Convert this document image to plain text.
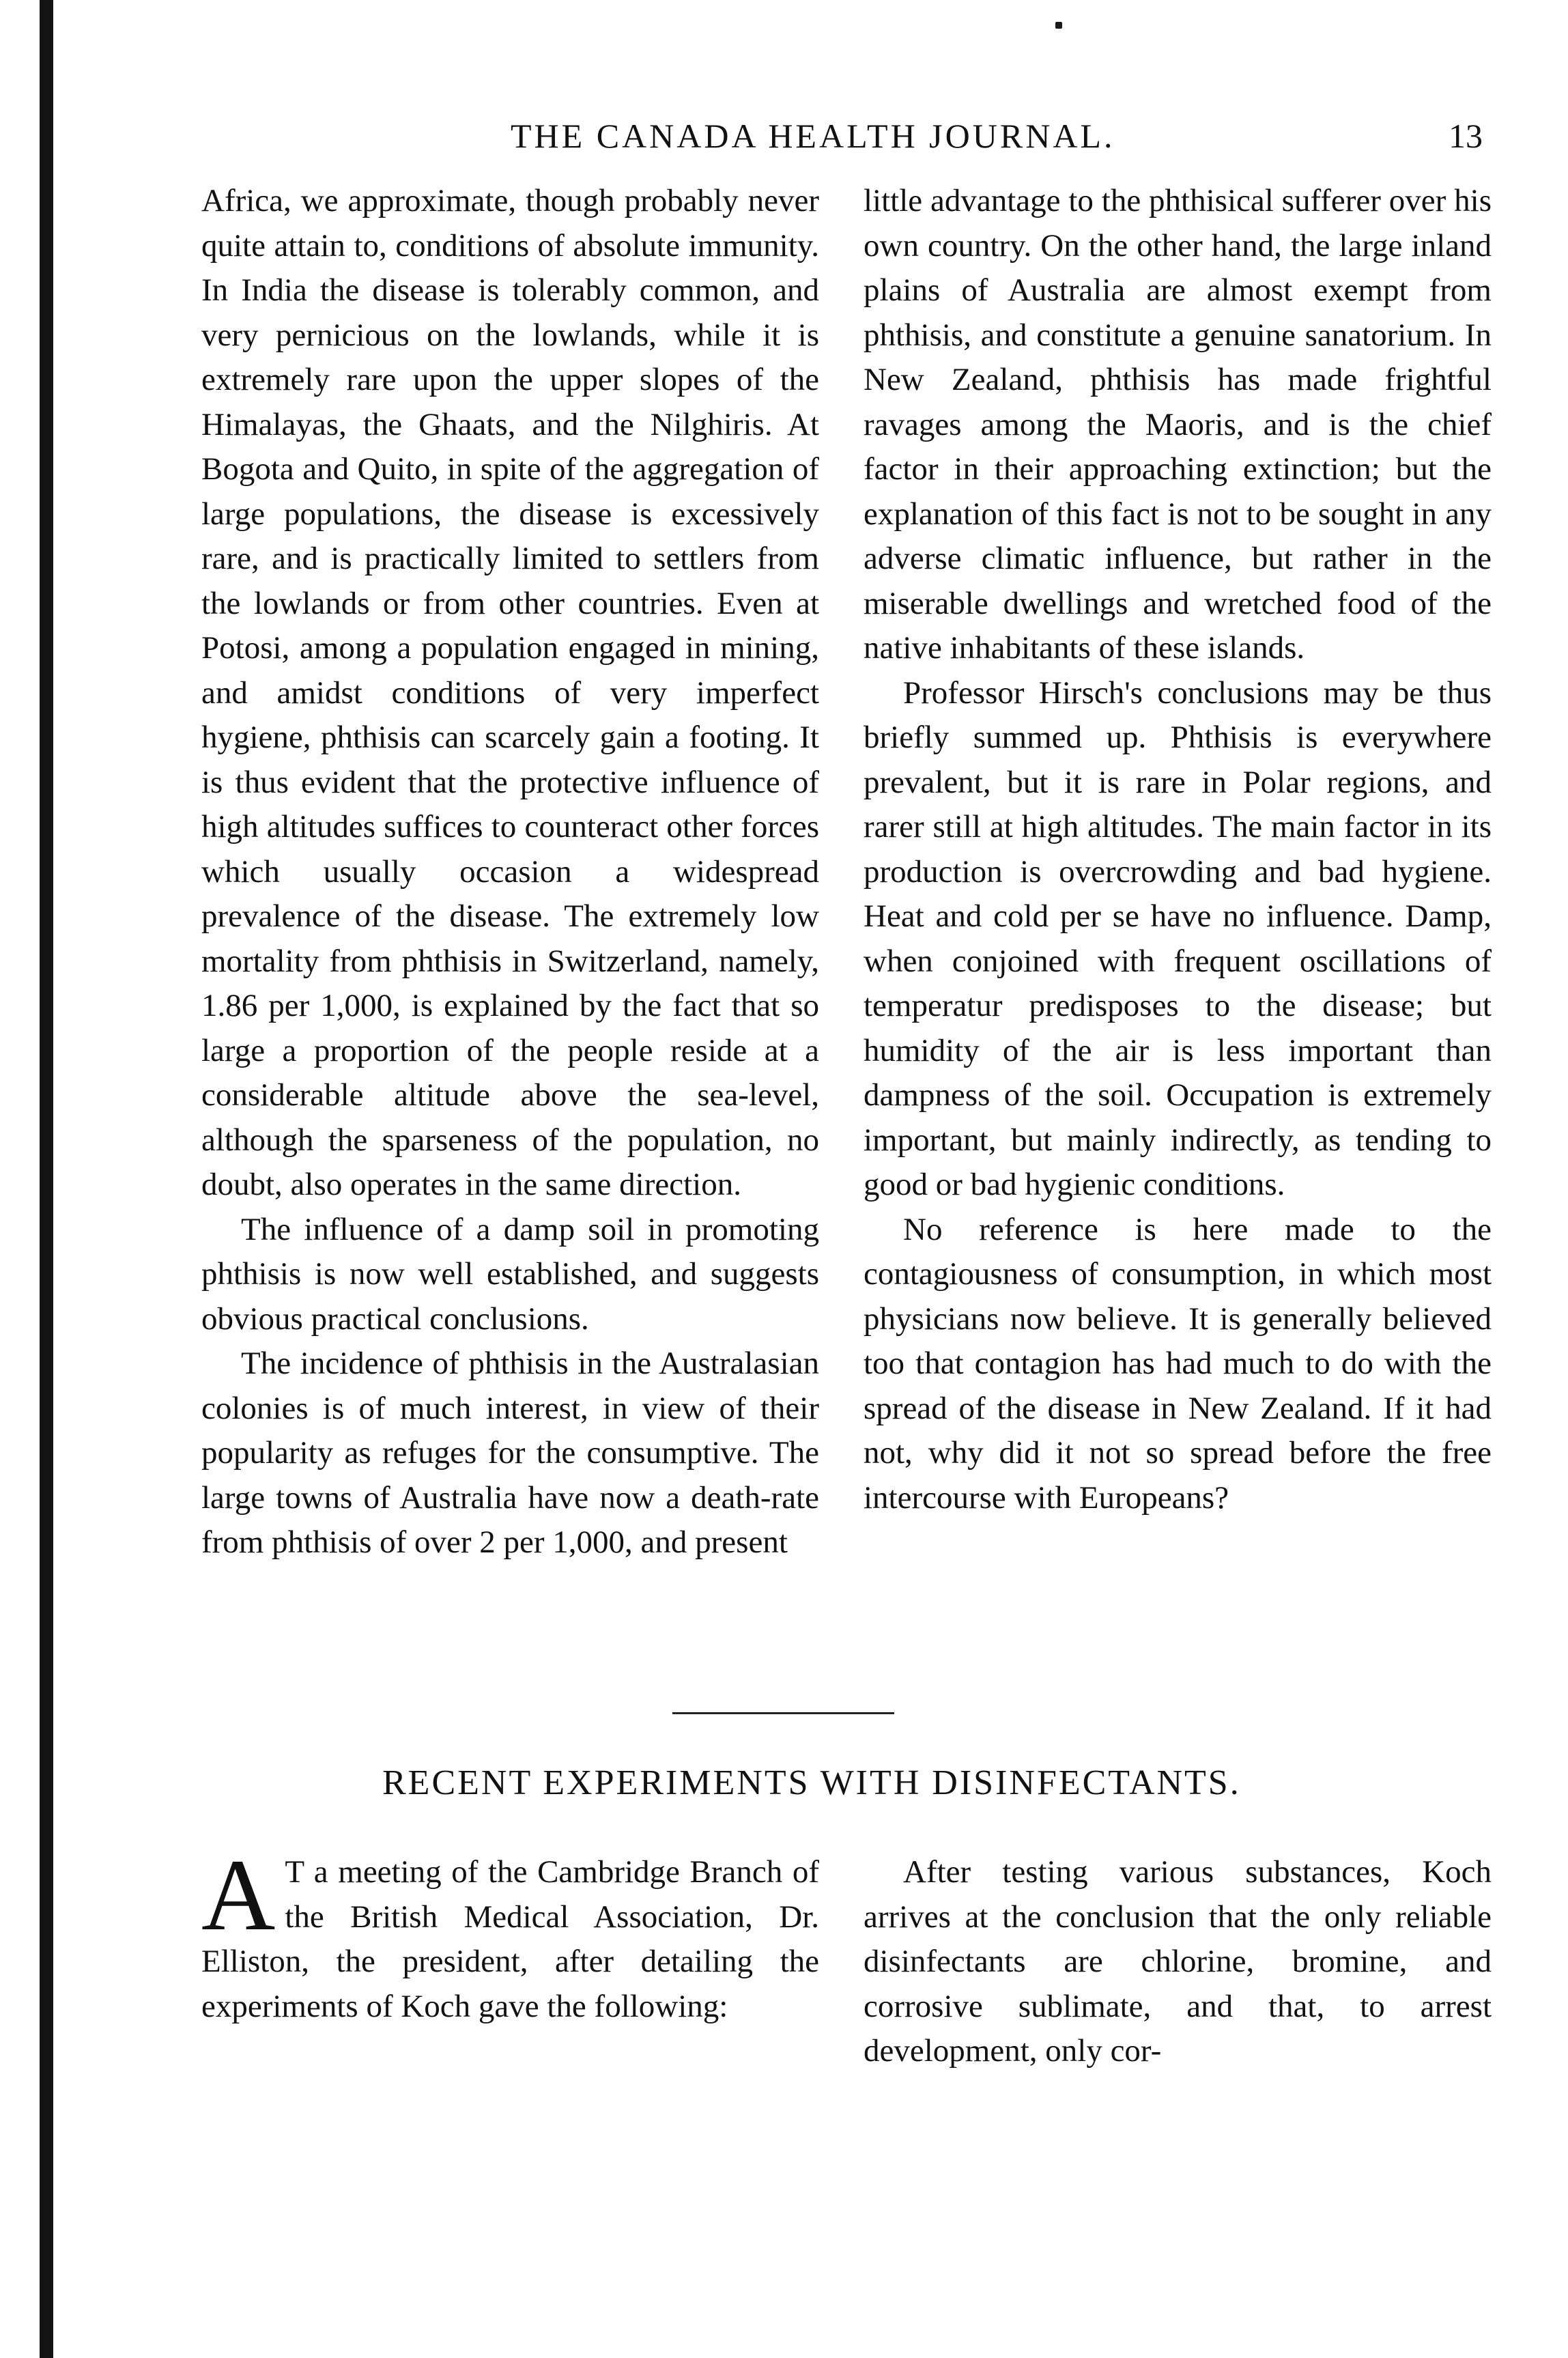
THE CANADA HEALTH JOURNAL.	13

Africa, we approximate, though probably never quite attain to, conditions of absolute immunity. In India the disease is tolerably common, and very pernicious on the lowlands, while it is extremely rare upon the upper slopes of the Himalayas, the Ghaats, and the Nilghiris. At Bogota and Quito, in spite of the aggregation of large populations, the disease is excessively rare, and is practically limited to settlers from the lowlands or from other countries. Even at Potosi, among a population engaged in mining, and amidst conditions of very imperfect hygiene, phthisis can scarcely gain a footing. It is thus evident that the protective influence of high altitudes suffices to counteract other forces which usually occasion a widespread prevalence of the disease. The extremely low mortality from phthisis in Switzerland, namely, 1.86 per 1,000, is explained by the fact that so large a proportion of the people reside at a considerable altitude above the sea-level, although the sparseness of the population, no doubt, also operates in the same direction.

The influence of a damp soil in promoting phthisis is now well established, and suggests obvious practical conclusions.

The incidence of phthisis in the Australasian colonies is of much interest, in view of their popularity as refuges for the consumptive. The large towns of Australia have now a death-rate from phthisis of over 2 per 1,000, and present

little advantage to the phthisical sufferer over his own country. On the other hand, the large inland plains of Australia are almost exempt from phthisis, and constitute a genuine sanatorium. In New Zealand, phthisis has made frightful ravages among the Maoris, and is the chief factor in their approaching extinction; but the explanation of this fact is not to be sought in any adverse climatic influence, but rather in the miserable dwellings and wretched food of the native inhabitants of these islands.

Professor Hirsch's conclusions may be thus briefly summed up. Phthisis is everywhere prevalent, but it is rare in Polar regions, and rarer still at high altitudes. The main factor in its production is overcrowding and bad hygiene. Heat and cold per se have no influence. Damp, when conjoined with frequent oscillations of temperatur predisposes to the disease; but humidity of the air is less important than dampness of the soil. Occupation is extremely important, but mainly indirectly, as tending to good or bad hygienic conditions.

No reference is here made to the contagiousness of consumption, in which most physicians now believe. It is generally believed too that contagion has had much to do with the spread of the disease in New Zealand. If it had not, why did it not so spread before the free intercourse with Europeans?

RECENT EXPERIMENTS WITH DISINFECTANTS.

A T a meeting of the Cambridge Branch of the British Medical Association, Dr. Elliston, the president, after detailing the experiments of Koch gave the following:

After testing various substances, Koch arrives at the conclusion that the only reliable disinfectants are chlorine, bromine, and corrosive sublimate, and that, to arrest development, only cor-
